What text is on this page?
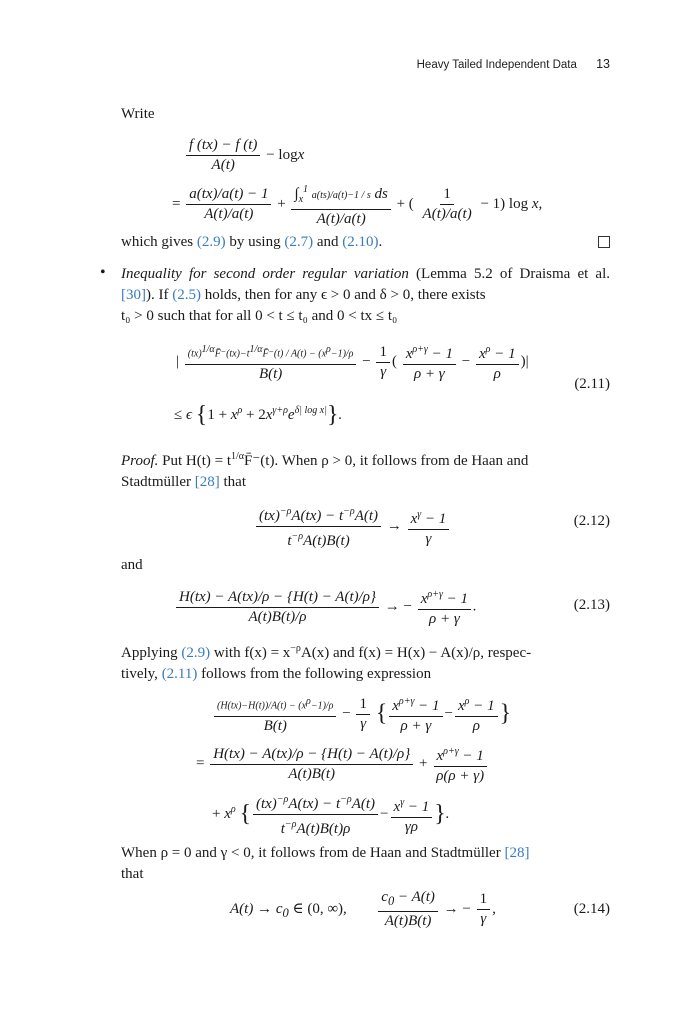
Heavy Tailed Independent Data 13
Write
$\frac{f (tx) - f (t)}{A(t)} - \log x$
= $\frac{a(tx)/a(t) - 1}{A(t)/a(t)} + \frac{\int_x^1 a(ts)/a(t)-1 / s ds}{A(t)/a(t)}$ + ( $\frac{1}{A(t)/a(t)} - 1$) log x,
which gives (2.9) by using (2.7) and (2.10).
• Inequality for second order regular variation (Lemma 5.2 of Draisma et al. [30]). If (2.5) holds, then for any ϵ > 0 and δ > 0, there exists
t₀ > 0 such that for all 0 < t ≤ t₀ and 0 < tx ≤ t₀
| $\frac{(tx)^{1/\alpha}F̄^-(tx)-t^{1/\alpha}F̄^-(t) / A(t) - (x^\rho-1)/\rho}{B(t)} - \frac{1}{\gamma}$ ( $\frac{x^{\rho+\gamma} - 1}{\rho + \gamma} - \frac{x^\rho - 1}{\rho}$ )|
(2.11)
≤ ϵ $\{1 + x^\rho + 2x^{\gamma+\rho}e^{\delta| log x|}\}$.
Proof. Put $H(t) = t^{1/\alpha}F̄^-(t)$. When ρ > 0, it follows from de Haan and
Stadtmüller [28] that
$\frac{(tx)^{-\rho}A(tx) - t^{-\rho}A(t)}{t^{-\rho}A(t)B(t)} \to \frac{x^\gamma - 1}{\gamma}$	(2.12)
and
$\frac{H(tx) - A(tx)/\rho - \{H(t) - A(t)/\rho\}}{A(t)B(t)/\rho}$ → − $\frac{x^{\rho+\gamma} - 1}{\rho + \gamma}$ .	(2.13)
Applying (2.9) with $f(x) = x^{-\rho}A(x)$ and f(x) = H(x) − A(x)/ρ, respec-
tively, (2.11) follows from the following expression
$\frac{(H(tx)-H(t))/A(t) - (x^\rho-1)/\rho}{B(t)} - \frac{1}{\gamma}$ { $\frac{x^{\rho+\gamma} - 1}{\rho + \gamma} - \frac{x^\rho - 1}{\rho}$ }
= $\frac{H(tx) - A(tx)/\rho - \{H(t) - A(t)/\rho\}}{A(t)B(t)} + \frac{x^{\rho+\gamma} - 1}{\rho(\rho + \gamma)}$
+ $x^\rho$ { $\frac{(tx)^{-\rho}A(tx) - t^{-\rho}A(t)}{t^{-\rho}A(t)B(t)\rho} - \frac{x^\gamma - 1}{\gamma\rho}$ }.
When ρ = 0 and γ < 0, it follows from de Haan and Stadtmüller [28]
that
$A(t) \to c_0$ ∈ (0, ∞), $\frac{c_0 - A(t)}{A(t)B(t)}$ → − $\frac{1}{\gamma}$ ,	(2.14)
